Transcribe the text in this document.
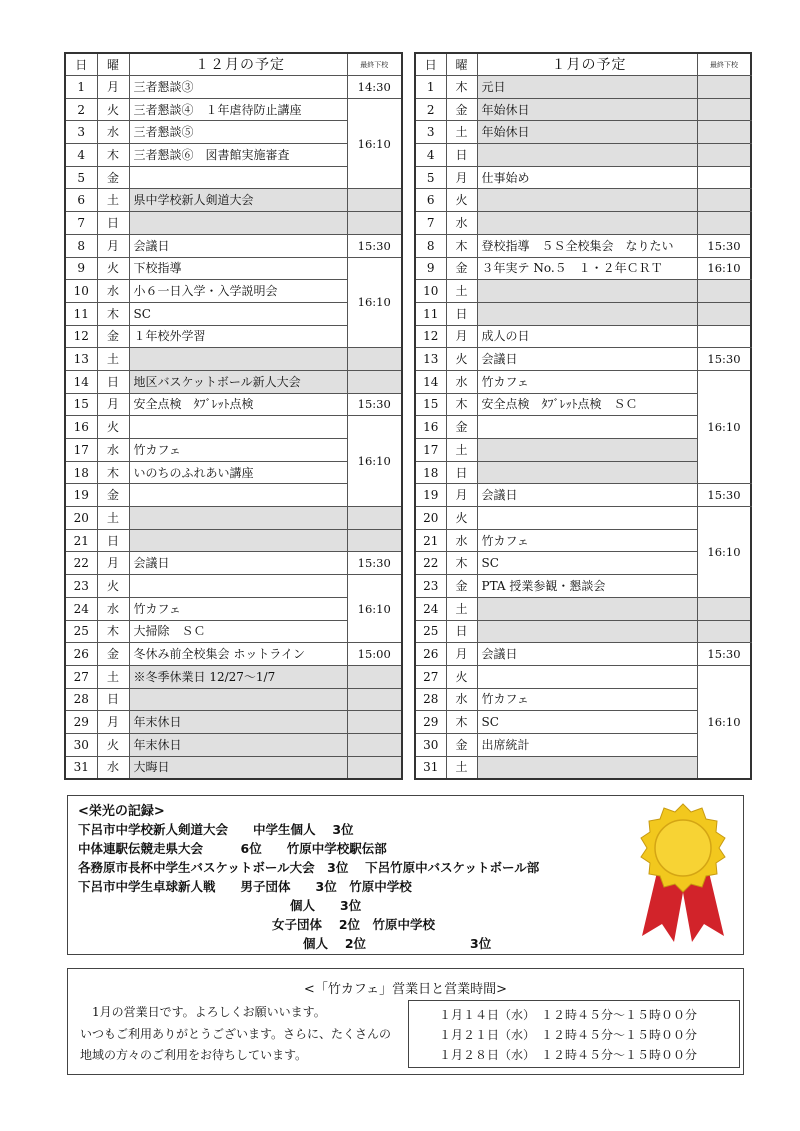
日	曜	１２月の予定	最終下校
1	月	三者懇談③	14:30
2	火	三者懇談④　１年虐待防止講座	16:10
3	水	三者懇談⑤	
4	木	三者懇談⑥　図書館実施審査	
5	金		
6	土	県中学校新人剣道大会	
7	日		
8	月	会議日	15:30
9	火	下校指導	16:10
10	水	小６一日入学・入学説明会	
11	木	SC	
12	金	１年校外学習	
13	土		
14	日	地区バスケットボール新人大会	
15	月	安全点検　ﾀﾌﾞﾚｯﾄ点検	15:30
16	火		16:10
17	水	竹カフェ	
18	木	いのちのふれあい講座	
19	金		
20	土		
21	日		
22	月	会議日	15:30
23	火		16:10
24	水	竹カフェ	
25	木	大掃除　ＳＣ	
26	金	冬休み前全校集会 ホットライン	15:00
27	土	※冬季休業日 12/27～1/7	
28	日		
29	月	年末休日	
30	火	年末休日	
31	水	大晦日	
日	曜	１月の予定	最終下校	
1	木	元日		
2	金	年始休日		
3	土	年始休日		
4	日			
5	月	仕事始め		
6	火			
7	水			
8	木	登校指導　５Ｓ全校集会　なりたい	15:30	
9	金	３年実テ No.５　１・２年ＣＲＴ	16:10	
10	土			
11	日			
12	月	成人の日		
13	火	会議日	15:30	
14	水	竹カフェ	16:10	
15	木	安全点検　ﾀﾌﾞﾚｯﾄ点検　ＳＣ		
16	金			
17	土			
18	日			
19	月	会議日	15:30	
20	火		16:10	
21	水	竹カフェ		
22	木	SC		
23	金	PTA 授業参観・懇談会	
24	土			
25	日			
26	月	会議日	15:30	
27	火		16:10	
28	水	竹カフェ		
29	木	SC		
30	金	出席統計		
31	土			
<栄光の記録>
下呂市中学校新人剣道大会　　中学生個人　 3位
中体連駅伝競走県大会　　　6位　　竹原中学校駅伝部
各務原市長杯中学生バスケットボール大会　3位　 下呂竹原中バスケットボール部
下呂市中学生卓球新人戦　　男子団体　　3位　竹原中学校
個人　　3位
女子団体　 2位　竹原中学校
個人　 2位	3位
<「竹カフェ」営業日と営業時間>
1月の営業日です。よろしくお願いいます。
いつもご利用ありがとうございます。さらに、たくさんの
地域の方々のご利用をお待ちしています。
１月１４日（水）　１２時４５分～１５時００分
１月２１日（水）　１２時４５分～１５時００分
１月２８日（水）　１２時４５分～１５時００分
